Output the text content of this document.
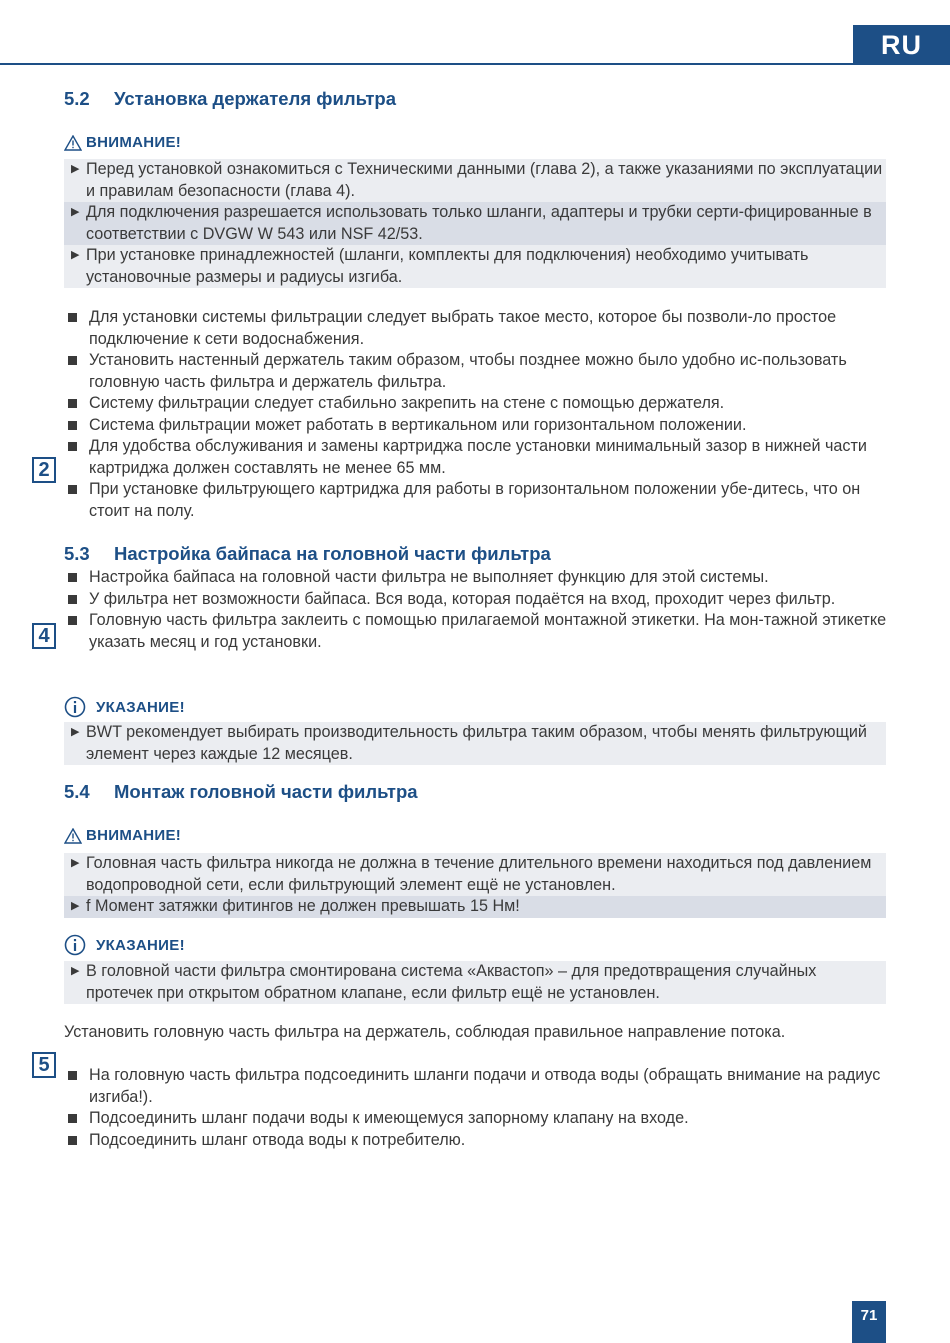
RU
5.2 Установка держателя фильтра
ВНИМАНИЕ!
▶ Перед установкой ознакомиться с Техническими данными (глава 2), а также указаниями по эксплуатации и правилам безопасности (глава 4).
▶ Для подключения разрешается использовать только шланги, адаптеры и трубки серти-фицированные в соответствии с DVGW W 543 или NSF 42/53.
▶ При установке принадлежностей (шланги, комплекты для подключения) необходимо учитывать установочные размеры и радиусы изгиба.
Для установки системы фильтрации следует выбрать такое место, которое бы позволи-ло простое подключение к сети водоснабжения.
Установить настенный держатель таким образом, чтобы позднее можно было удобно ис-пользовать головную часть фильтра и держатель фильтра.
Систему фильтрации следует стабильно закрепить на стене с помощью держателя.
Система фильтрации может работать в вертикальном или горизонтальном положении.
Для удобства обслуживания и замены картриджа после установки минимальный зазор в нижней части картриджа должен составлять не менее 65 мм.
При установке фильтрующего картриджа для работы в горизонтальном положении убе-дитесь, что он стоит на полу.
2
5.3 Настройка байпаса на головной части фильтра
Настройка байпаса на головной части фильтра не выполняет функцию для этой системы.
У фильтра нет возможности байпаса. Вся вода, которая подаётся на вход, проходит через фильтр.
Головную часть фильтра заклеить с помощью прилагаемой монтажной этикетки. На мон-тажной этикетке указать месяц и год установки.
4
УКАЗАНИЕ!
▶ BWT рекомендует выбирать производительность фильтра таким образом, чтобы менять фильтрующий элемент через каждые 12 месяцев.
5.4 Монтаж головной части фильтра
ВНИМАНИЕ!
▶ Головная часть фильтра никогда не должна в течение длительного времени находиться под давлением водопроводной сети, если фильтрующий элемент ещё не установлен.
▶ f Момент затяжки фитингов не должен превышать 15 Нм!
УКАЗАНИЕ!
▶ В головной части фильтра смонтирована система «Аквастоп» – для предотвращения случайных протечек при открытом обратном клапане, если фильтр ещё не установлен.
Установить головную часть фильтра на держатель, соблюдая правильное направление потока.
5	На головную часть фильтра подсоединить шланги подачи и отвода воды (обращать внимание на радиус изгиба!).
Подсоединить шланг подачи воды к имеющемуся запорному клапану на входе.
Подсоединить шланг отвода воды к потребителю.
71
